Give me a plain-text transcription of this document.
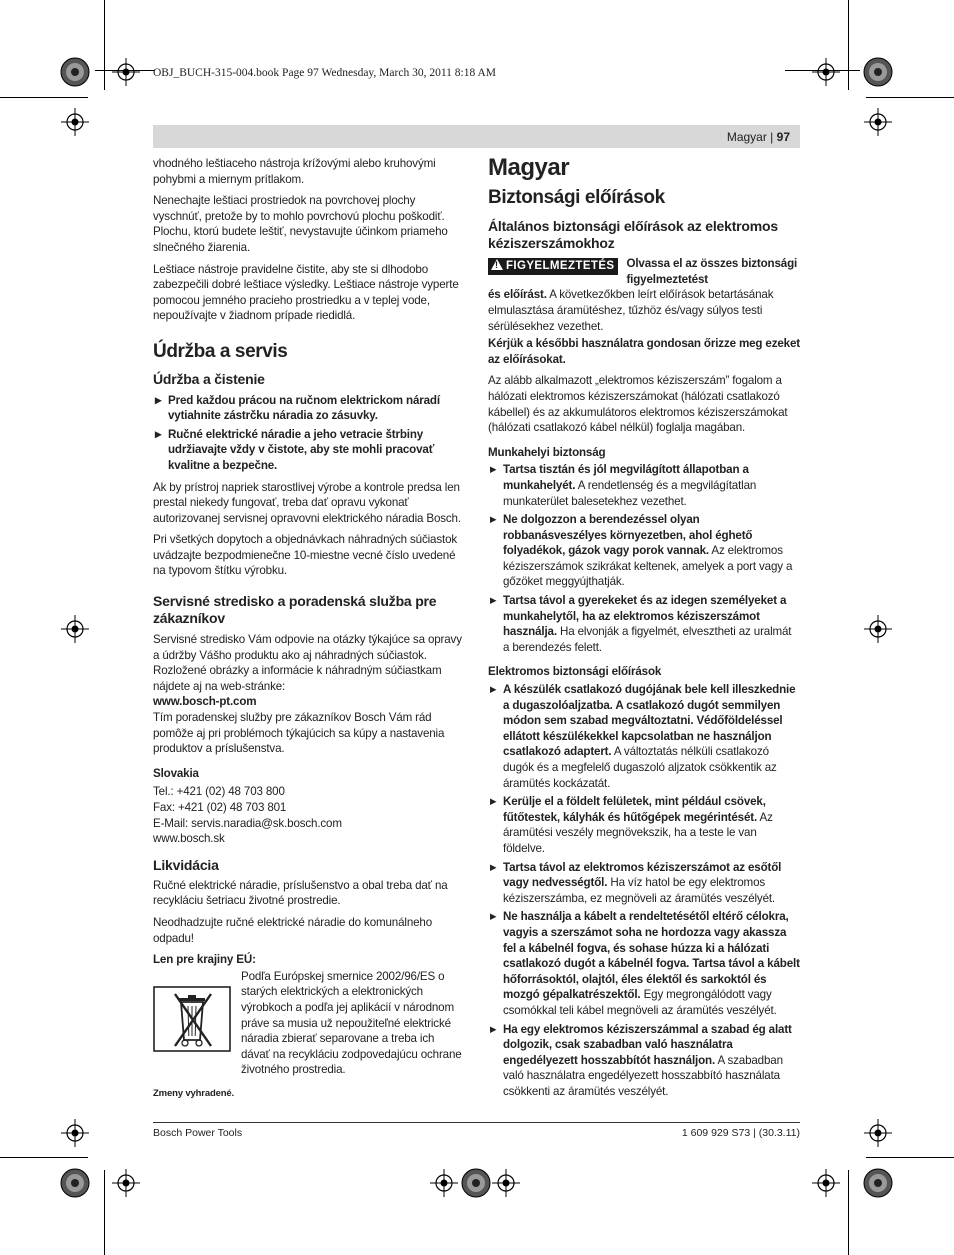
OBJ_BUCH-315-004.book Page 97 Wednesday, March 30, 2011 8:18 AM
Magyar | 97

vhodného leštiaceho nástroja krížovými alebo kruhovými pohybmi a miernym prítlakom.

Nenechajte leštiaci prostriedok na povrchovej plochy vyschnúť, pretože by to mohlo povrchovú plochu poškodiť. Plochu, ktorú budete leštiť, nevystavujte účinkom priameho slnečného žiarenia.

Leštiace nástroje pravidelne čistite, aby ste si dlhodobo zabezpečili dobré leštiace výsledky. Leštiace nástroje vyperte pomocou jemného pracieho prostriedku a v teplej vode, nepoužívajte v žiadnom prípade riedidlá.

Údržba a servis
Údržba a čistenie
▶ Pred každou prácou na ručnom elektrickom náradí vytiahnite zástrčku náradia zo zásuvky.
▶ Ručné elektrické náradie a jeho vetracie štrbiny udržiavajte vždy v čistote, aby ste mohli pracovať kvalitne a bezpečne.

Ak by prístroj napriek starostlivej výrobe a kontrole predsa len prestal niekedy fungovať, treba dať opravu vykonať autorizovanej servisnej opravovni elektrického náradia Bosch.

Pri všetkých dopytoch a objednávkach náhradných súčiastok uvádzajte bezpodmienečne 10-miestne vecné číslo uvedené na typovom štítku výrobku.

Servisné stredisko a poradenská služba pre zákazníkov
Servisné stredisko Vám odpovie na otázky týkajúce sa opravy a údržby Vášho produktu ako aj náhradných súčiastok. Rozložené obrázky a informácie k náhradným súčiastkam nájdete aj na web-stránke:
www.bosch-pt.com

Tím poradenskej služby pre zákazníkov Bosch Vám rád pomôže aj pri problémoch týkajúcich sa kúpy a nastavenia produktov a príslušenstva.

Slovakia
Tel.: +421 (02) 48 703 800
Fax: +421 (02) 48 703 801
E-Mail: servis.naradia@sk.bosch.com
www.bosch.sk
Likvidácia

Ručné elektrické náradie, príslušenstvo a obal treba dať na recykláciu šetriacu životné prostredie.

Neodhadzujte ručné elektrické náradie do komunálneho odpadu!

Len pre krajiny EÚ:
Podľa Európskej smernice 2002/96/ES o starých elektrických a elektronických výrobkoch a podľa jej aplikácií v národnom práve sa musia už nepoužiteľné elektrické náradia zbierať separovane a treba ich dávať na recykláciu zodpovedajúcu ochrane životného prostredia.
Zmeny vyhradené.
Magyar
Biztonsági előírások
Általános biztonsági előírások az elektromos kéziszerszámokhoz
!FIGYELMEZTETÉS	Olvassa el az összes biztonsági figyelmeztetést
és előírást. A következőkben leírt előírások betartásának elmulasztása áramütéshez, tűzhöz és/vagy súlyos testi sérülésekhez vezethet.

Kérjük a későbbi használatra gondosan őrizze meg ezeket az előírásokat.

Az alább alkalmazott „elektromos kéziszerszám” fogalom a hálózati elektromos kéziszerszámokat (hálózati csatlakozó kábellel) és az akkumulátoros elektromos kéziszerszámokat (hálózati csatlakozó kábel nélkül) foglalja magában.

Munkahelyi biztonság
▶ Tartsa tisztán és jól megvilágított állapotban a munkahelyét. A rendetlenség és a megvilágítatlan munkaterület balesetekhez vezethet.
▶ Ne dolgozzon a berendezéssel olyan robbanásveszélyes környezetben, ahol éghető folyadékok, gázok vagy porok vannak. Az elektromos kéziszerszámok szikrákat keltenek, amelyek a port vagy a gőzöket meggyújthatják.
▶ Tartsa távol a gyerekeket és az idegen személyeket a munkahelytől, ha az elektromos kéziszerszámot használja. Ha elvonják a figyelmét, elvesztheti az uralmát a berendezés felett.
Elektromos biztonsági előírások
▶ A készülék csatlakozó dugójának bele kell illeszkednie a dugaszolóaljzatba. A csatlakozó dugót semmilyen módon sem szabad megváltoztatni. Védőföldeléssel ellátott készülékekkel kapcsolatban ne használjon csatlakozó adaptert. A változtatás nélküli csatlakozó dugók és a megfelelő dugaszoló aljzatok csökkentik az áramütés kockázatát.
▶ Kerülje el a földelt felületek, mint például csövek, fűtőtestek, kályhák és hűtőgépek megérintését. Az áramütési veszély megnövekszik, ha a teste le van földelve.
▶ Tartsa távol az elektromos kéziszerszámot az esőtől vagy nedvességtől. Ha víz hatol be egy elektromos kéziszerszámba, ez megnöveli az áramütés veszélyét.
▶ Ne használja a kábelt a rendeltetésétől eltérő célokra, vagyis a szerszámot soha ne hordozza vagy akassza fel a kábelnél fogva, és sohase húzza ki a hálózati csatlakozó dugót a kábelnél fogva. Tartsa távol a kábelt hőforrásoktól, olajtól, éles élektől és sarkoktól és mozgó gépalkatrészektől. Egy megrongálódott vagy csomókkal teli kábel megnöveli az áramütés veszélyét.
▶ Ha egy elektromos kéziszerszámmal a szabad ég alatt dolgozik, csak szabadban való használatra engedélyezett hosszabbítót használjon. A szabadban való használatra engedélyezett hosszabbító használata csökkenti az áramütés veszélyét.
Bosch Power Tools	1 609 929 S73 | (30.3.11)
